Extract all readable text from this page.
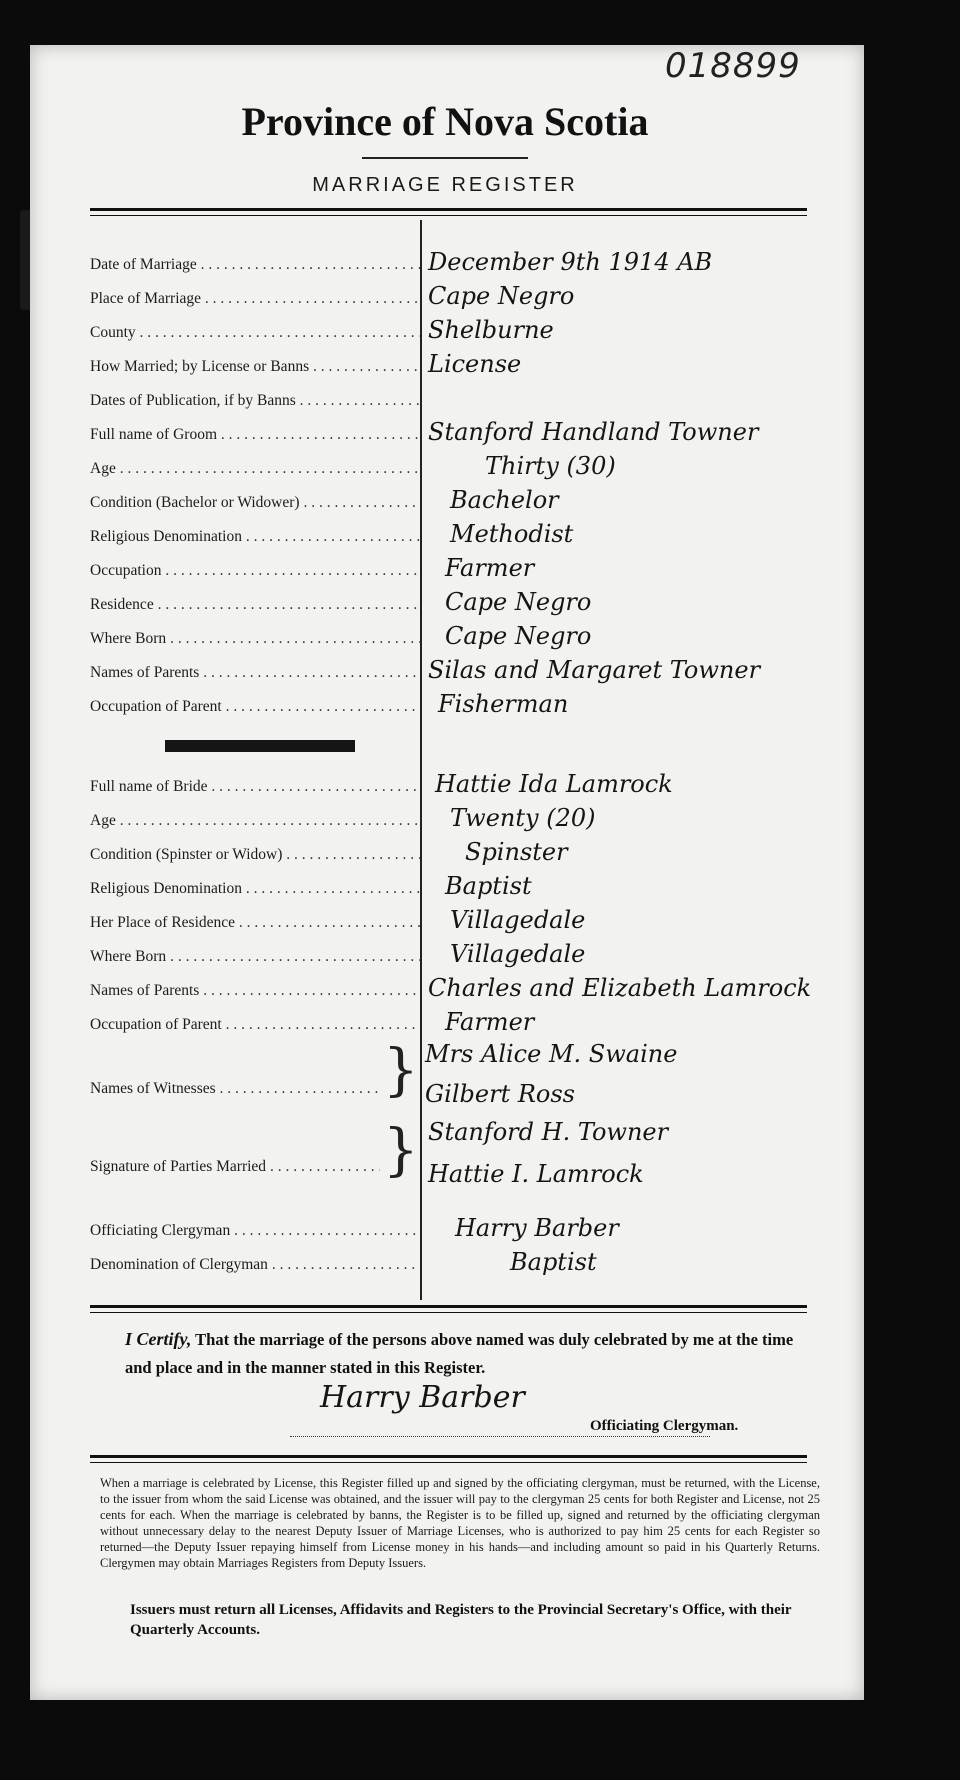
018899
Province of Nova Scotia
MARRIAGE REGISTER
Date of Marriage . . .	December 9th 1914 AB
Place of Marriage . . .	Cape Negro
County . . .	Shelburne
How Married; by License or Banns . . .	License
Dates of Publication, if by Banns . . .
Full name of Groom . . .	Stanford Handland Towner
Age . . .	Thirty (30)
Condition (Bachelor or Widower) . . .	Bachelor
Religious Denomination . . .	Methodist
Occupation . . .	Farmer
Residence . . .	Cape Negro
Where Born . . .	Cape Negro
Names of Parents . . .	Silas and Margaret Towner
Occupation of Parent . . .	Fisherman
Full name of Bride . . .	Hattie Ida Lamrock
Age . . .	Twenty (20)
Condition (Spinster or Widow) . . .	Spinster
Religious Denomination . . .	Baptist
Her Place of Residence . . .	Villagedale
Where Born . . .	Villagedale
Names of Parents . . .	Charles and Elizabeth Lamrock
Occupation of Parent . . .	Farmer
Names of Witnesses . . .	} Mrs Alice M. Swaine
Gilbert Ross
Signature of Parties Married . . .	} Stanford H. Towner
Hattie I. Lamrock
Officiating Clergyman . . .	Harry Barber
Denomination of Clergyman . . .	Baptist
I Certify, That the marriage of the persons above named was duly celebrated by me at the time and place and in the manner stated in this Register.
Harry Barber
Officiating Clergyman.
When a marriage is celebrated by License, this Register filled up and signed by the officiating clergyman, must be returned, with the License, to the issuer from whom the said License was obtained, and the issuer will pay to the clergyman 25 cents for both Register and License, not 25 cents for each. When the marriage is celebrated by banns, the Register is to be filled up, signed and returned by the officiating clergyman without unnecessary delay to the nearest Deputy Issuer of Marriage Licenses, who is authorized to pay him 25 cents for each Register so returned—the Deputy Issuer repaying himself from License money in his hands—and including amount so paid in his Quarterly Returns. Clergymen may obtain Marriages Registers from Deputy Issuers.
Issuers must return all Licenses, Affidavits and Registers to the Provincial Secretary's Office, with their Quarterly Accounts.
